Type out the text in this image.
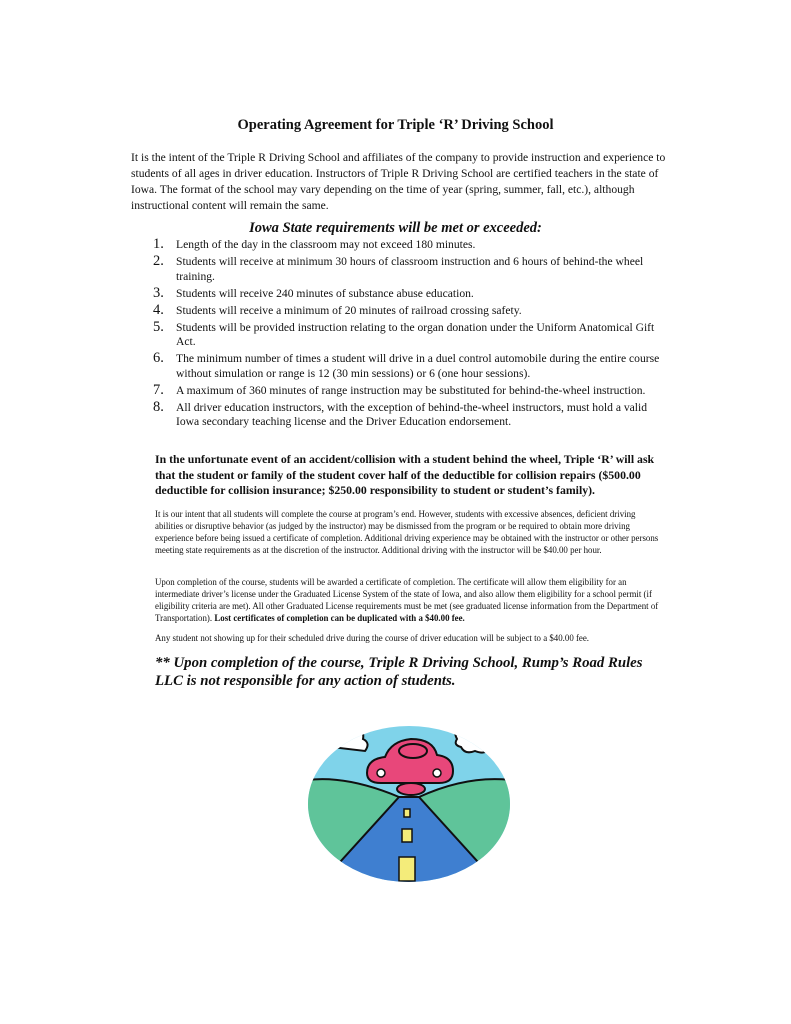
Operating Agreement for Triple ‘R’ Driving School
It is the intent of the Triple R Driving School and affiliates of the company to provide instruction and experience to students of all ages in driver education. Instructors of Triple R Driving School are certified teachers in the state of Iowa. The format of the school may vary depending on the time of year (spring, summer, fall, etc.), although instructional content will remain the same.
Iowa State requirements will be met or exceeded:
1. Length of the day in the classroom may not exceed 180 minutes.
2. Students will receive at minimum 30 hours of classroom instruction and 6 hours of behind-the wheel training.
3. Students will receive 240 minutes of substance abuse education.
4. Students will receive a minimum of 20 minutes of railroad crossing safety.
5. Students will be provided instruction relating to the organ donation under the Uniform Anatomical Gift Act.
6. The minimum number of times a student will drive in a duel control automobile during the entire course without simulation or range is 12 (30 min sessions) or 6 (one hour sessions).
7. A maximum of 360 minutes of range instruction may be substituted for behind-the-wheel instruction.
8. All driver education instructors, with the exception of behind-the-wheel instructors, must hold a valid Iowa secondary teaching license and the Driver Education endorsement.
In the unfortunate event of an accident/collision with a student behind the wheel, Triple ‘R’ will ask that the student or family of the student cover half of the deductible for collision repairs ($500.00 deductible for collision insurance; $250.00 responsibility to student or student’s family).
It is our intent that all students will complete the course at program’s end. However, students with excessive absences, deficient driving abilities or disruptive behavior (as judged by the instructor) may be dismissed from the program or be required to obtain more driving experience before being issued a certificate of completion. Additional driving experience may be obtained with the instructor or other persons meeting state requirements as at the discretion of the instructor. Additional driving with the instructor will be $40.00 per hour.
Upon completion of the course, students will be awarded a certificate of completion. The certificate will allow them eligibility for an intermediate driver’s license under the Graduated License System of the state of Iowa, and also allow them eligibility for a school permit (if eligibility criteria are met). All other Graduated License requirements must be met (see graduated license information from the Department of Transportation). Lost certificates of completion can be duplicated with a $40.00 fee.
Any student not showing up for their scheduled drive during the course of driver education will be subject to a $40.00 fee.
** Upon completion of the course, Triple R Driving School, Rump’s Road Rules LLC is not responsible for any action of students.
